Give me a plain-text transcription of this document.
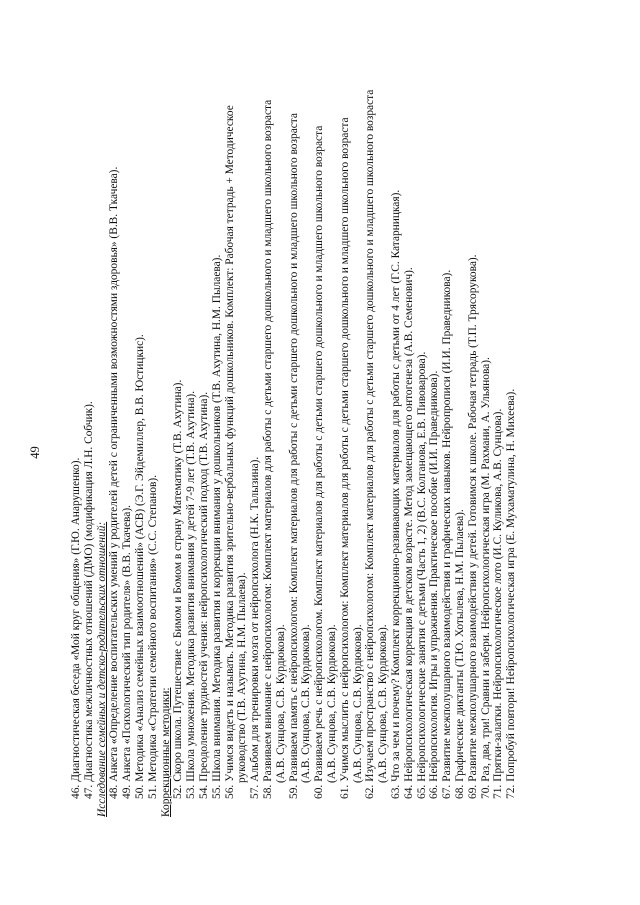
49
46.Диагностическая беседа «Мой круг общения» (Г.Ю. Анарушенко).
47.Диагностика межличностных отношений (ДМО) (модификация Л.Н. Собчик). Исследование семейных и детско-родительских отношений: 48.Анкета «Определение воспитательских умений у родителей детей с ограниченными возможностями здоровья» (В.В. Ткачева).
49.Анкета «Психологический тип родителя» (В.В. Ткачева).
50.Методика «Анализ семейных взаимоотношений» (АСВ) (Э.Г. Эйдемиллер, В.В. Юстицкис).
51.Методика «Стратегии семейного воспитания» (С.С. Степанов). Коррекционные методики: 52.Скоро школа. Путешествие с Бимом и Бомом в страну Математику (Т.В. Ахутина).
53.Школа умножения. Методика развития внимания у детей 7-9 лет (Т.В. Ахутина).
54.Преодоление трудностей учения: нейропсихологический подход (Т.В. Ахутина).
55.Школа внимания. Методика развития и коррекции внимания у дошкольников (Т.В. Ахутина, Н.М. Пылаева).
56.Учимся видеть и называть. Методика развития зрительно-вербальных функций дошкольников. Комплект: Рабочая тетрадь + Методическое руководство (Т.В. Ахутина, Н.М. Пылаева).
57.Альбом для тренировки мозга от нейропсихолога (Н.К. Талызина).
58.Развиваем внимание с нейропсихологом: Комплект материалов для работы с детьми старшего дошкольного и младшего школьного возраста (А.В. Сунцова, С.В. Курдюкова).
59.Развиваем память с нейропсихологом: Комплект материалов для работы с детьми старшего дошкольного и младшего школьного возраста (А.В. Сунцова, С.В. Курдюкова).
60.Развиваем речь с нейропсихологом. Комплект материалов для работы с детьми старшего дошкольного и младшего школьного возраста (А.В. Сунцова, С.В. Курдюкова).
61.Учимся мыслить с нейропсихологом: Комплект материалов для работы с детьми старшего дошкольного и младшего школьного возраста (А.В. Сунцова, С.В. Курдюкова).
62.Изучаем пространство с нейропсихологом: Комплект материалов для работы с детьми старшего дошкольного и младшего школьного возраста (А.В. Сунцова, С.В. Курдюкова).
63.Что за чем и почему? Комплект коррекционно-развивающих материалов для работы с детьми от 4 лет (Г.С. Катарницкая).
64.Нейропсихологическая коррекция в детском возрасте. Метод замещающего онтогенеза (А.В. Семенович).
65.Нейропсихологические занятия с детьми (Часть 1, 2) (В.С. Колганова, Е.В. Пивоварова).
66.Нейропсихология. Игры и упражнения. Практическое пособие (И.И. Праведникова).
67.Развитие межполушарного взаимодействия и графических навыков. Нейропрописи (И.И. Праведникова).
68.Графические диктанты (Т.Ю. Хотылева, Н.М. Пылаева).
69.Развитие межполушарного взаимодействия у детей. Готовимся к школе. Рабочая тетрадь (Т.П. Трясорукова).
70.Раз, два, три! Сравни и забери. Нейропсихологическая игра (М. Рахмани, А. Ульянова).
71.Прятки-залатки. Нейропсихологическое лото (И.С. Куликова, А.В. Сунцова).
72.Попробуй повтори! Нейропсихологическая игра (Е. Мухаматулина, Н. Михеева).
